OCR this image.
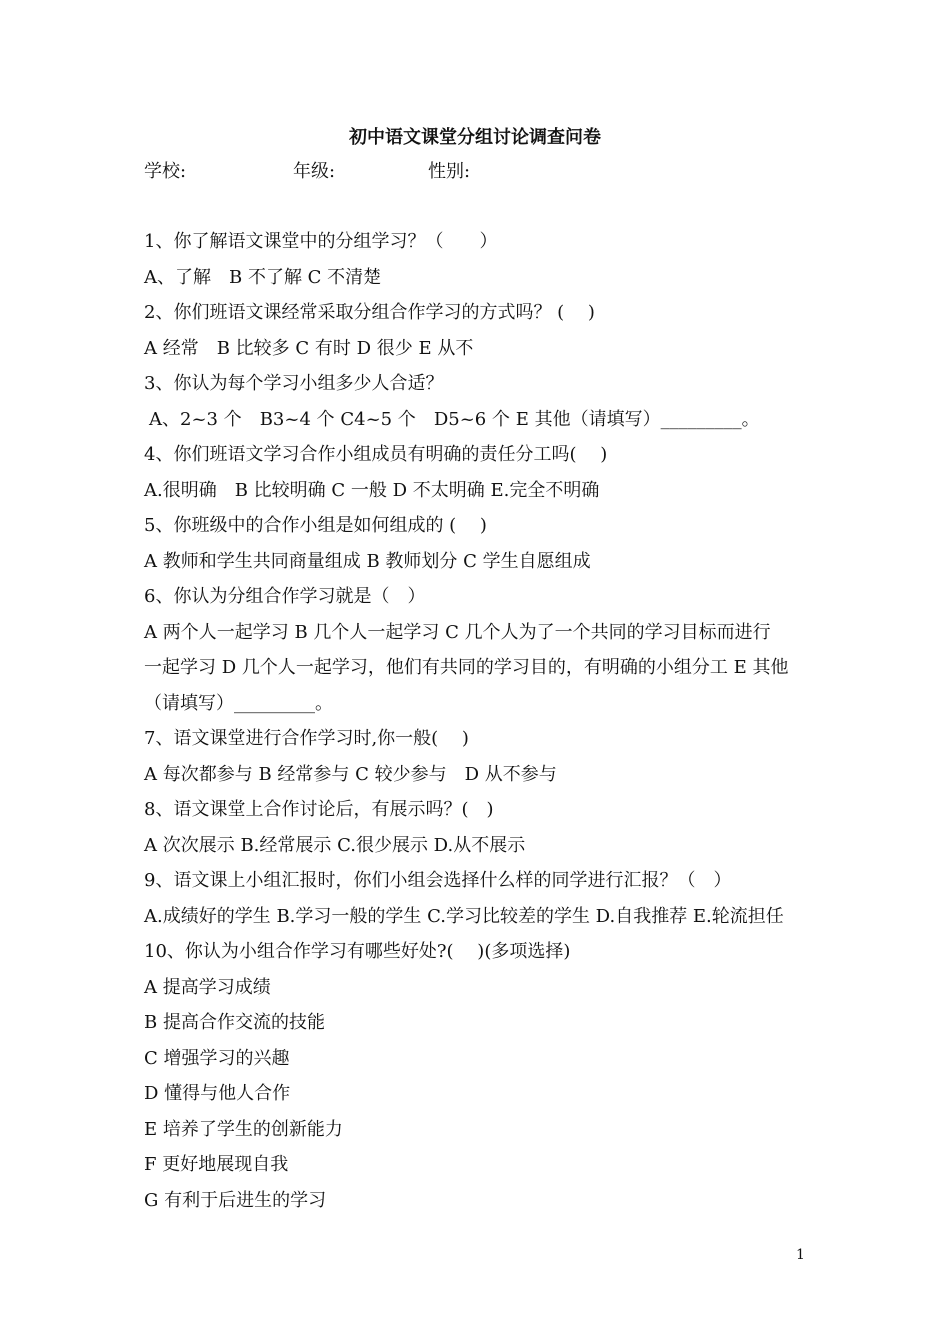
初中语文课堂分组讨论调查问卷
学校:	年级:	性别:
1、你了解语文课堂中的分组学习？（　　）
A、了解　B 不了解 C 不清楚
2、你们班语文课经常采取分组合作学习的方式吗？ (　 )
A 经常　B 比较多 C 有时 D 很少 E 从不
3、你认为每个学习小组多少人合适？
A、2~3 个　B3~4 个 C4~5 个　D5~6 个 E 其他（请填写）_________。
4、你们班语文学习合作小组成员有明确的责任分工吗(　 )
A.很明确　B 比较明确 C 一般 D 不太明确 E.完全不明确
5、你班级中的合作小组是如何组成的 (　 )
A 教师和学生共同商量组成 B 教师划分 C 学生自愿组成
6、你认为分组合作学习就是（　）
A 两个人一起学习 B 几个人一起学习 C 几个人为了一个共同的学习目标而进行
一起学习 D 几个人一起学习，他们有共同的学习目的，有明确的小组分工 E 其他
（请填写）_________。
7、语文课堂进行合作学习时,你一般(　 )
A 每次都参与 B 经常参与 C 较少参与　D 从不参与
8、语文课堂上合作讨论后，有展示吗？(　)
A 次次展示 B.经常展示 C.很少展示 D.从不展示
9、语文课上小组汇报时，你们小组会选择什么样的同学进行汇报？（　）
A.成绩好的学生 B.学习一般的学生 C.学习比较差的学生 D.自我推荐 E.轮流担任
10、你认为小组合作学习有哪些好处?(　 )(多项选择)
A 提高学习成绩
B 提高合作交流的技能
C 增强学习的兴趣
D 懂得与他人合作
E 培养了学生的创新能力
F 更好地展现自我
G 有利于后进生的学习
1
